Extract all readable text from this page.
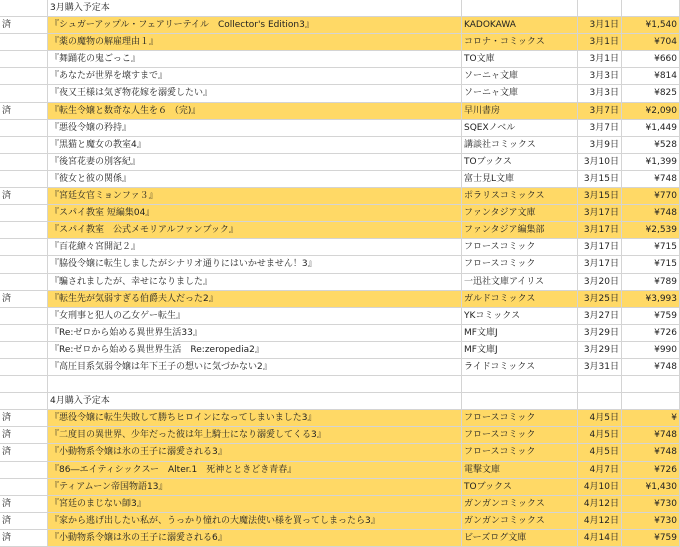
3月購入予定本
済	『シュガーアップル・フェアリーテイル　Collector's Edition3』	KADOKAWA	3月1日	¥1,540
『薬の魔物の解雇理由１』	コロナ・コミックス	3月1日	¥704
『舞踊花の鬼ごっこ』	TO文庫	3月1日	¥660
『あなたが世界を壊すまで』	ソーニャ文庫	3月3日	¥814
『夜又王様は気ぎ物花嫁を溺愛したい』	ソーニャ文庫	3月3日	¥825
済	『転生令嬢と数奇な人生を６ （完)』	早川書房	3月7日	¥2,090
『悪役令嬢の矜持』	SQEXノベル	3月7日	¥1,449
『黒猫と魔女の教室4』	講談社コミックス	3月9日	¥528
『後宮花妻の別客紀』	TOブックス	3月10日	¥1,399
『彼女と彼の関係』	富士見L文庫	3月15日	¥748
済	『宮廷女官ミョンファ３』	ポラリスコミックス	3月15日	¥770
『スパイ教室 短編集04』	ファンタジア文庫	3月17日	¥748
『スパイ教室　公式メモリアルファンブック』	ファンタジア編集部	3月17日	¥2,539
『百花繚々宮開記２』	フロースコミック	3月17日	¥715
『脇役令嬢に転生しましたがシナリオ通りにはいかせません！3』	フロースコミック	3月17日	¥715
『騙されましたが、幸せになりました』	一迅社文庫アイリス	3月20日	¥789
済	『転生先が気弱すぎる伯爵夫人だった2』	ガルドコミックス	3月25日	¥3,993
『女刑事と犯人の乙女ゲー転生』	YKコミックス	3月27日	¥759
『Re:ゼロから始める異世界生活33』	MF文庫J	3月29日	¥726
『Re:ゼロから始める異世界生活　Re:zeropedia2』	MF文庫J	3月29日	¥990
『高圧目系気弱令嬢は年下王子の想いに気づかない2』	ライドコミックス	3月31日	¥748
4月購入予定本
済	『悪役令嬢に転生失敗して勝ちヒロインになってしまいました3』	フロースコミック	4月5日	¥
済	『二度目の異世界、少年だった彼は年上騎士になり溺愛してくる3』	フロースコミック	4月5日	¥748
済	『小動物系令嬢は氷の王子に溺愛される3』	フロースコミック	4月5日	¥748
『86―エイティシックスー　Alter.1　死神とときどき青春』	電撃文庫	4月7日	¥726
『ティアムーン帝国物語13』	TOブックス	4月10日	¥1,430
済	『宮廷のまじない師3』	ガンガンコミックス	4月12日	¥730
済	『家から逃げ出したい私が、うっかり憧れの大魔法使い様を買ってしまったら3』	ガンガンコミックス	4月12日	¥730
済	『小動物系令嬢は氷の王子に溺愛される6』	ビーズログ文庫	4月14日	¥759
